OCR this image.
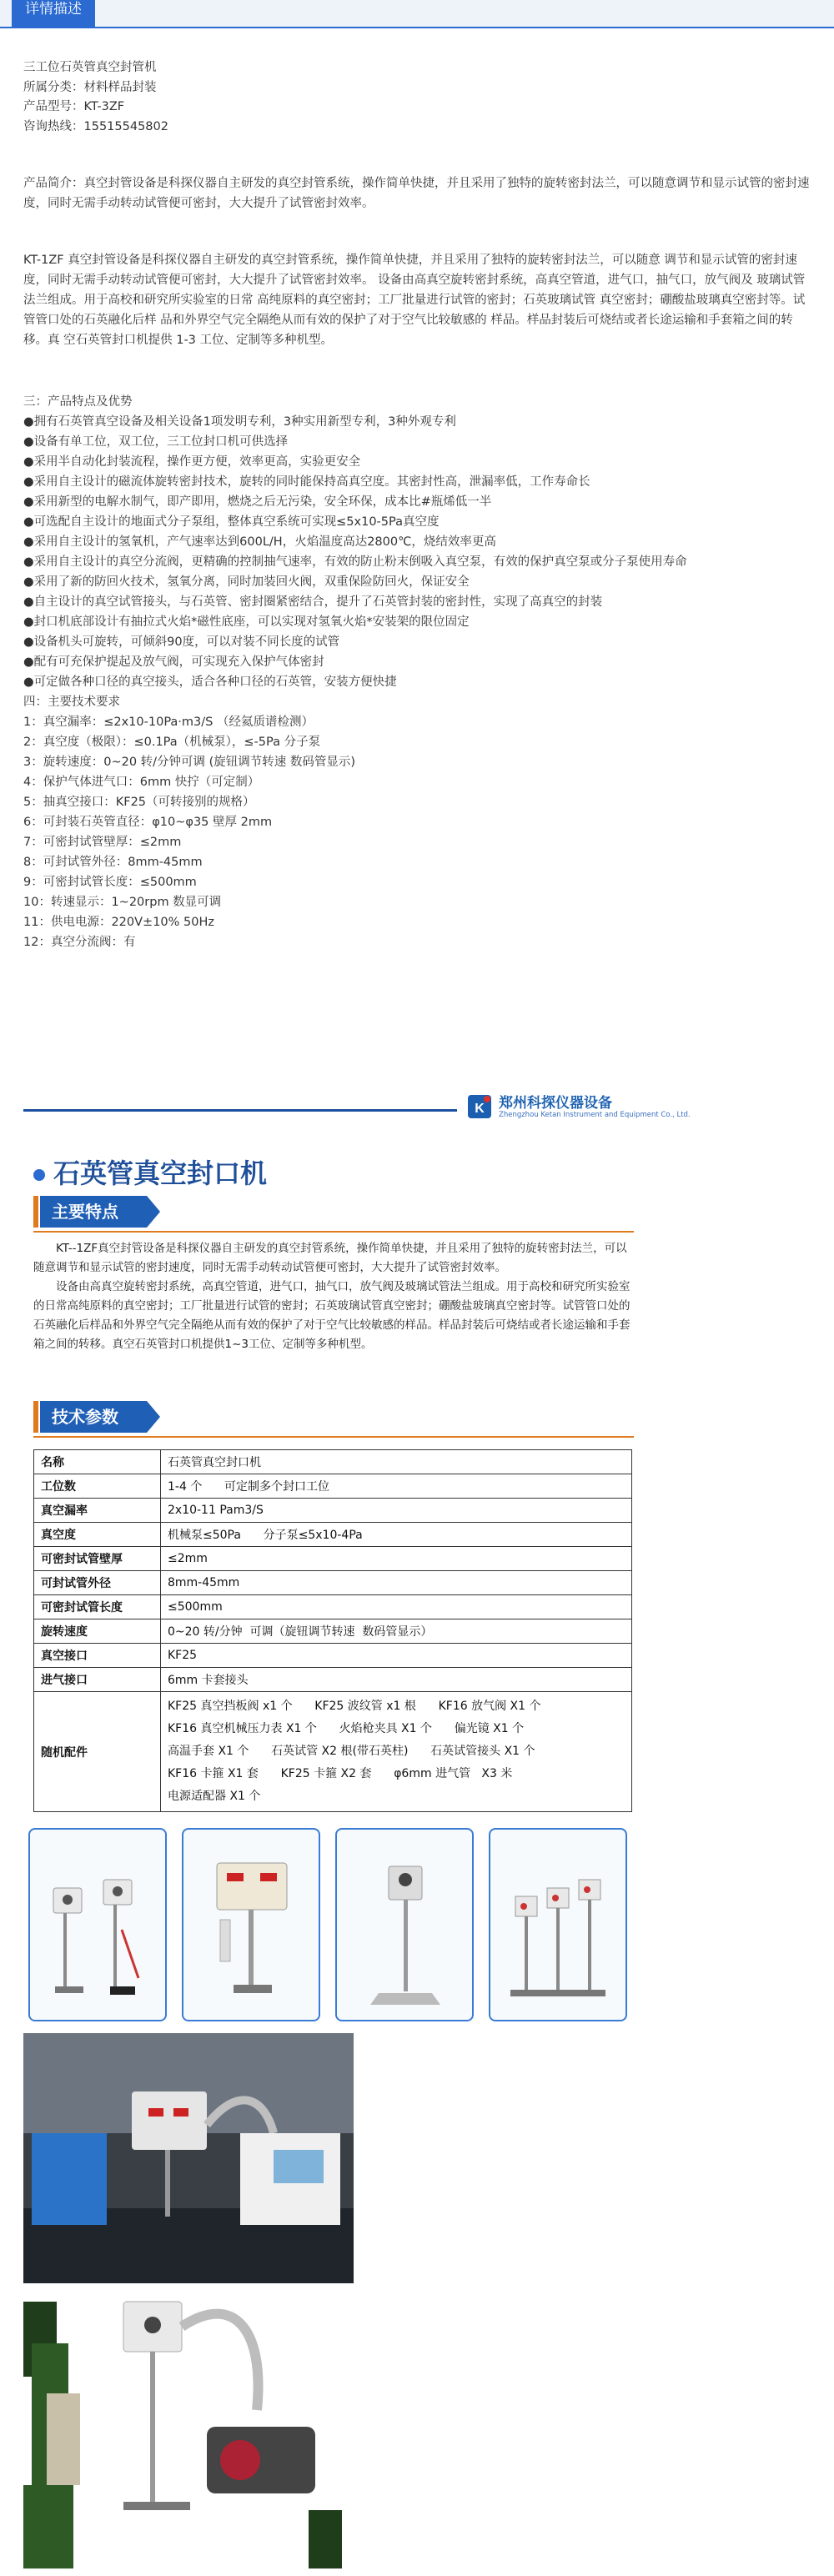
详情描述

三工位石英管真空封管机

所属分类：材料样品封装

产品型号：KT-3ZF

咨询热线：15515545802

产品简介：真空封管设备是科探仪器自主研发的真空封管系统，操作简单快捷，并且采用了独特的旋转密封法兰，可以随意调节和显示试管的密封速度，同时无需手动转动试管便可密封，大大提升了试管密封效率。
KT-1ZF 真空封管设备是科探仪器自主研发的真空封管系统，操作简单快捷，并且采用了独特的旋转密封法兰，可以随意 调节和显示试管的密封速度，同时无需手动转动试管便可密封，大大提升了试管密封效率。 设备由高真空旋转密封系统，高真空管道，进气口，抽气口，放气阀及 玻璃试管法兰组成。用于高校和研究所实验室的日常 高纯原料的真空密封；工厂批量进行试管的密封；石英玻璃试管 真空密封；硼酸盐玻璃真空密封等。试管管口处的石英融化后样 品和外界空气完全隔绝从而有效的保护了对于空气比较敏感的 样品。样品封装后可烧结或者长途运输和手套箱之间的转移。真 空石英管封口机提供 1-3 工位、定制等多种机型。

三：产品特点及优势

●拥有石英管真空设备及相关设备1项发明专利，3种实用新型专利，3种外观专利

●设备有单工位，双工位，三工位封口机可供选择

●采用半自动化封装流程，操作更方便，效率更高，实验更安全

●采用自主设计的磁流体旋转密封技术，旋转的同时能保持高真空度。其密封性高，泄漏率低，工作寿命长

●采用新型的电解水制气，即产即用，燃烧之后无污染，安全环保，成本比#瓶烯低一半

●可选配自主设计的地面式分子泵组，整体真空系统可实现≤5x10-5Pa真空度

●采用自主设计的氢氧机，产气速率达到600L/H，火焰温度高达2800℃，烧结效率更高

●采用自主设计的真空分流阀，更精确的控制抽气速率，有效的防止粉末倒吸入真空泵，有效的保护真空泵或分子泵使用寿命

●采用了新的防回火技术，氢氧分离，同时加装回火阀，双重保险防回火，保证安全

●自主设计的真空试管接头，与石英管、密封圈紧密结合，提升了石英管封装的密封性，实现了高真空的封装

●封口机底部设计有抽拉式火焰*磁性底座，可以实现对氢氧火焰*安装架的限位固定

●设备机头可旋转，可倾斜90度，可以对装不同长度的试管

●配有可充保护提起及放气阀，可实现充入保护气体密封

●可定做各种口径的真空接头，适合各种口径的石英管，安装方便快捷

四：主要技术要求

1：真空漏率：≤2x10-10Pa·m3/S （经氦质谱检测）

2：真空度（极限）：≤0.1Pa（机械泵），≤-5Pa 分子泵

3：旋转速度：0~20 转/分钟可调 (旋钮调节转速 数码管显示)

4：保护气体进气口：6mm 快拧（可定制）

5：抽真空接口：KF25（可转接别的规格）

6：可封装石英管直径：φ10~φ35 壁厚 2mm

7：可密封试管壁厚：≤2mm

8：可封试管外径：8mm-45mm

9：可密封试管长度：≤500mm

10：转速显示：1~20rpm 数显可调

11：供电电源：220V±10% 50Hz

12：真空分流阀：有

K 郑州科探仪器设备
Zhengzhou Ketan Instrument and Equipment Co., Ltd.
石英管真空封口机
主要特点

KT--1ZF真空封管设备是科探仪器自主研发的真空封管系统，操作简单快捷，并且采用了独特的旋转密封法兰，可以随意调节和显示试管的密封速度，同时无需手动转动试管便可密封，大大提升了试管密封效率。

设备由高真空旋转密封系统，高真空管道，进气口，抽气口，放气阀及玻璃试管法兰组成。用于高校和研究所实验室的日常高纯原料的真空密封；工厂批量进行试管的密封；石英玻璃试管真空密封；硼酸盐玻璃真空密封等。试管管口处的石英融化后样品和外界空气完全隔绝从而有效的保护了对于空气比较敏感的样品。样品封装后可烧结或者长途运输和手套箱之间的转移。真空石英管封口机提供1~3工位、定制等多种机型。

技术参数
名称	石英管真空封口机
工位数	1-4 个      可定制多个封口工位
真空漏率	2x10-11 Pam3/S
真空度	机械泵≤50Pa      分子泵≤5x10-4Pa
可密封试管壁厚	≤2mm
可封试管外径	8mm-45mm
可密封试管长度	≤500mm
旋转速度	0~20 转/分钟  可调（旋钮调节转速  数码管显示）
真空接口	KF25
进气接口	6mm 卡套接头
随机配件	KF25 真空挡板阀 x1 个      KF25 波纹管 x1 根      KF16 放气阀 X1 个
KF16 真空机械压力表 X1 个      火焰枪夹具 X1 个      偏光镜 X1 个
高温手套 X1 个      石英试管 X2 根(带石英柱)      石英试管接头 X1 个
KF16 卡箍 X1 套      KF25 卡箍 X2 套      φ6mm 进气管   X3 米
电源适配器 X1 个
